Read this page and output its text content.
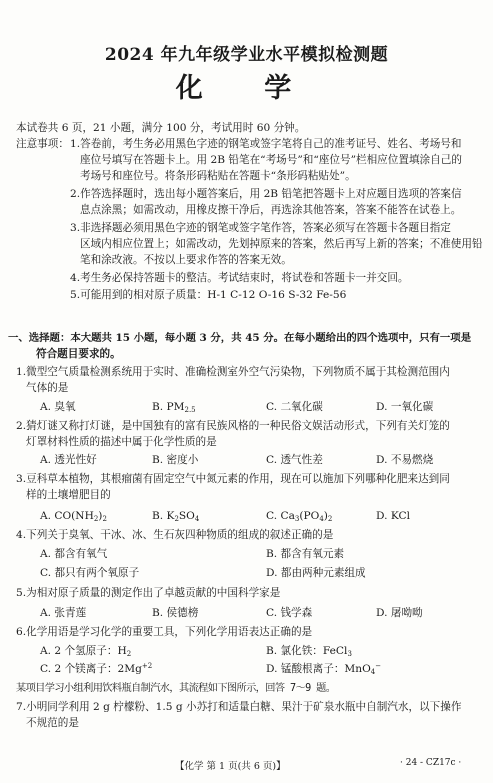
2024 年九年级学业水平模拟检测题
化 学
本试卷共 6 页，21 小题，满分 100 分，考试用时 60 分钟。
注意事项： 1.答卷前，考生务必用黑色字迹的钢笔或签字笔将自己的准考证号、姓名、考场号和
座位号填写在答题卡上。用 2B 铅笔在“考场号”和“座位号”栏相应位置填涂自己的
考场号和座位号。将条形码粘贴在答题卡“条形码粘贴处”。
2.作答选择题时，选出每小题答案后，用 2B 铅笔把答题卡上对应题目选项的答案信
息点涂黑；如需改动，用橡皮擦干净后，再选涂其他答案，答案不能答在试卷上。
3.非选择题必须用黑色字迹的钢笔或签字笔作答，答案必须写在答题卡各题目指定
区域内相应位置上；如需改动，先划掉原来的答案，然后再写上新的答案；不准使用铅
笔和涂改液。不按以上要求作答的答案无效。
4.考生务必保持答题卡的整洁。考试结束时，将试卷和答题卡一并交回。
5.可能用到的相对原子质量：H-1 C-12 O-16 S-32 Fe-56
一、选择题：本大题共 15 小题，每小题 3 分，共 45 分。在每小题给出的四个选项中，只有一项是
符合题目要求的。
1.微型空气质量检测系统用于实时、准确检测室外空气污染物，下列物质不属于其检测范围内
气体的是
A. 臭氧	B. $PM_{2.5}$	C. 二氧化碳	D. 一氧化碳
2.猜灯谜又称打灯谜，是中国独有的富有民族风格的一种民俗文娱活动形式，下列有关灯笼的
灯罩材料性质的描述中属于化学性质的是
A. 透光性好	B. 密度小	C. 透气性差	D. 不易燃烧
3.豆科草本植物，其根瘤菌有固定空气中氮元素的作用，现在可以施加下列哪种化肥来达到同
样的土壤增肥目的
A. $CO(NH_2)_2$	B. $K_2SO_4$	C. $Ca_3(PO_4)_2$	D. KCl
4.下列关于臭氧、干冰、冰、生石灰四种物质的组成的叙述正确的是
A. 都含有氧气	B. 都含有氧元素
C. 都只有两个氧原子	D. 都由两种元素组成
5.为相对原子质量的测定作出了卓越贡献的中国科学家是
A. 张青莲	B. 侯德榜	C. 钱学森	D. 屠呦呦
6.化学用语是学习化学的重要工具，下列化学用语表达正确的是
A. 2 个氢原子：$H_2$	B. 氯化铁：FeCl$_3$
C. 2 个镁离子：$2Mg^{+2}$	D. 锰酸根离子：MnO$_4$−
某项目学习小组利用饮料瓶自制汽水，其流程如下图所示，回答 7～9 题。
7.小明同学利用 2 g 柠檬粉、1.5 g 小苏打和适量白糖、果汁于矿泉水瓶中自制汽水，以下操作
不规范的是
【化学 第 1 页(共 6 页)】	· 24 - CZ17c ·
